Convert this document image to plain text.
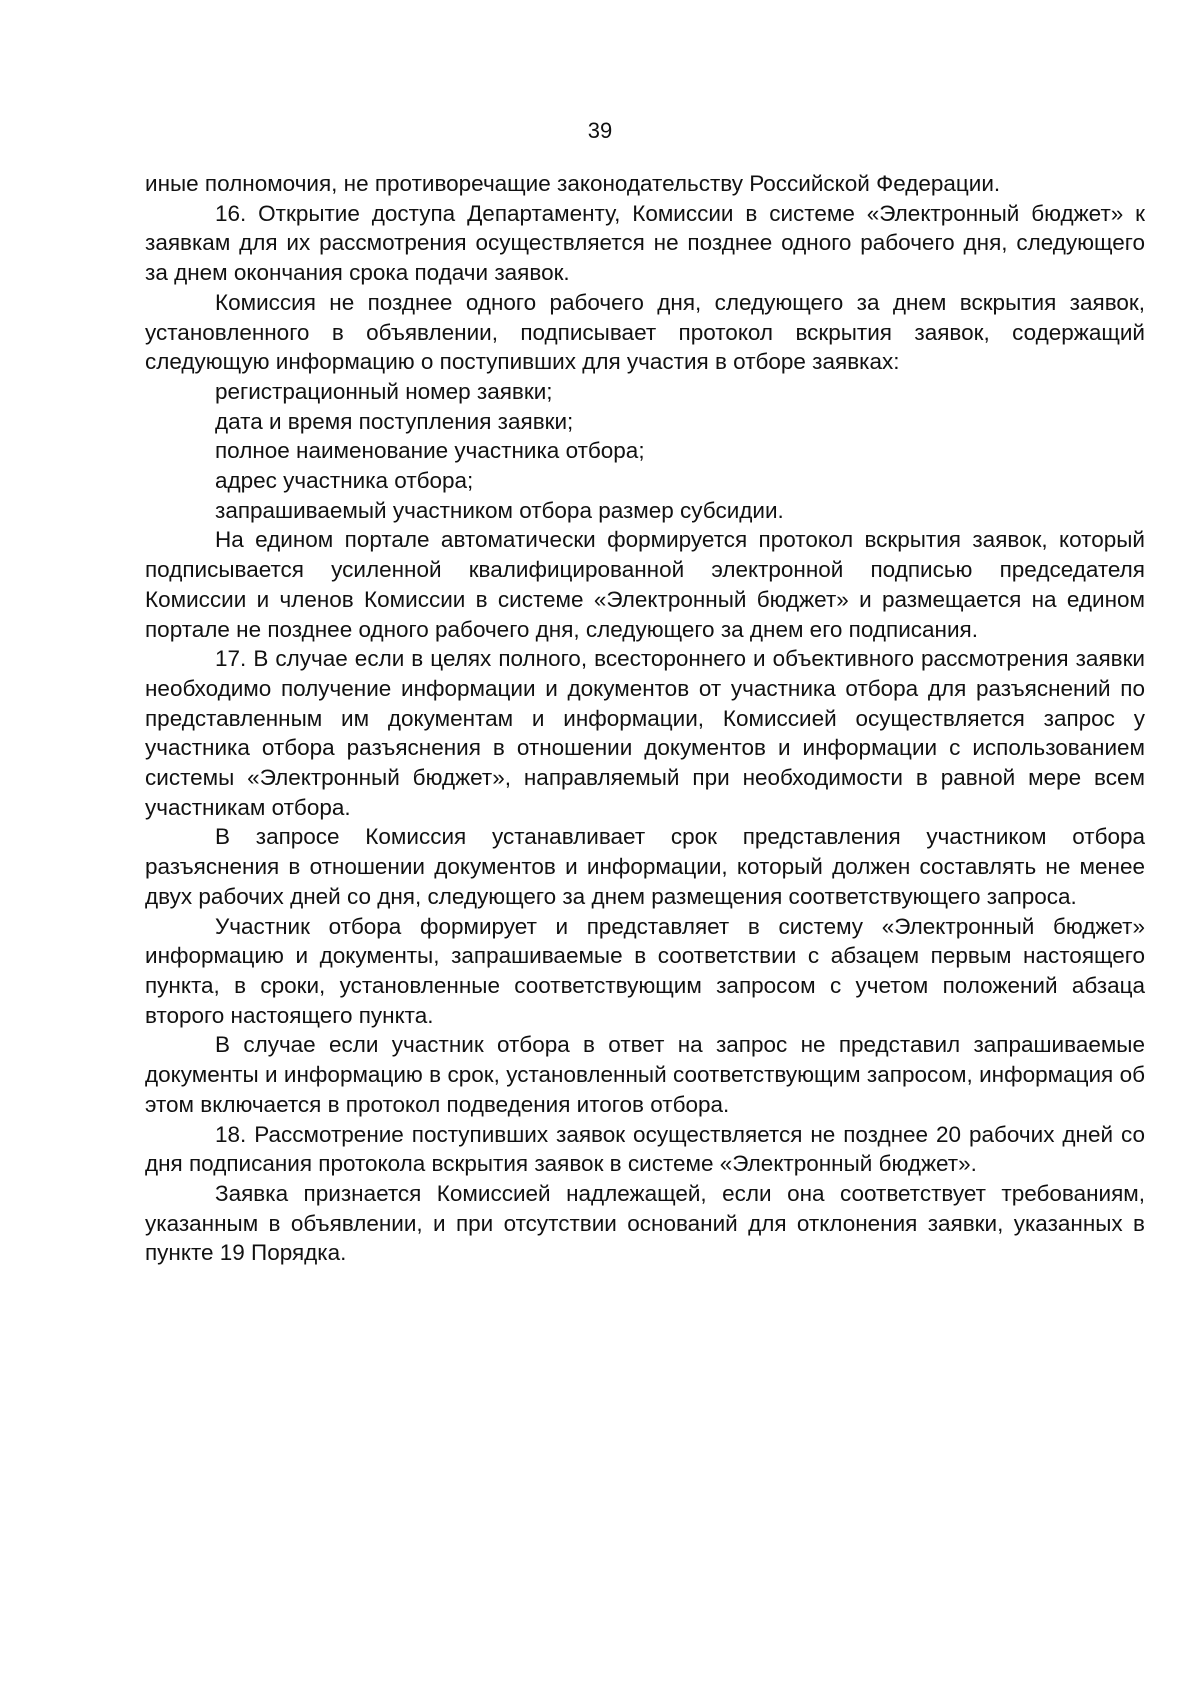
39

иные полномочия, не противоречащие законодательству Российской Федерации.

16. Открытие доступа Департаменту, Комиссии в системе «Электронный бюджет» к заявкам для их рассмотрения осуществляется не позднее одного рабочего дня, следующего за днем окончания срока подачи заявок.

Комиссия не позднее одного рабочего дня, следующего за днем вскрытия заявок, установленного в объявлении, подписывает протокол вскрытия заявок, содержащий следующую информацию о поступивших для участия в отборе заявках:

регистрационный номер заявки;

дата и время поступления заявки;

полное наименование участника отбора;

адрес участника отбора;

запрашиваемый участником отбора размер субсидии.

На едином портале автоматически формируется протокол вскрытия заявок, который подписывается усиленной квалифицированной электронной подписью председателя Комиссии и членов Комиссии в системе «Электронный бюджет» и размещается на едином портале не позднее одного рабочего дня, следующего за днем его подписания.

17. В случае если в целях полного, всестороннего и объективного рассмотрения заявки необходимо получение информации и документов от участника отбора для разъяснений по представленным им документам и информации, Комиссией осуществляется запрос у участника отбора разъяснения в отношении документов и информации с использованием системы «Электронный бюджет», направляемый при необходимости в равной мере всем участникам отбора.

В запросе Комиссия устанавливает срок представления участником отбора разъяснения в отношении документов и информации, который должен составлять не менее двух рабочих дней со дня, следующего за днем размещения соответствующего запроса.

Участник отбора формирует и представляет в систему «Электронный бюджет» информацию и документы, запрашиваемые в соответствии с абзацем первым настоящего пункта, в сроки, установленные соответствующим запросом с учетом положений абзаца второго настоящего пункта.

В случае если участник отбора в ответ на запрос не представил запрашиваемые документы и информацию в срок, установленный соответствующим запросом, информация об этом включается в протокол подведения итогов отбора.

18. Рассмотрение поступивших заявок осуществляется не позднее 20 рабочих дней со дня подписания протокола вскрытия заявок в системе «Электронный бюджет».

Заявка признается Комиссией надлежащей, если она соответствует требованиям, указанным в объявлении, и при отсутствии оснований для отклонения заявки, указанных в пункте 19 Порядка.
